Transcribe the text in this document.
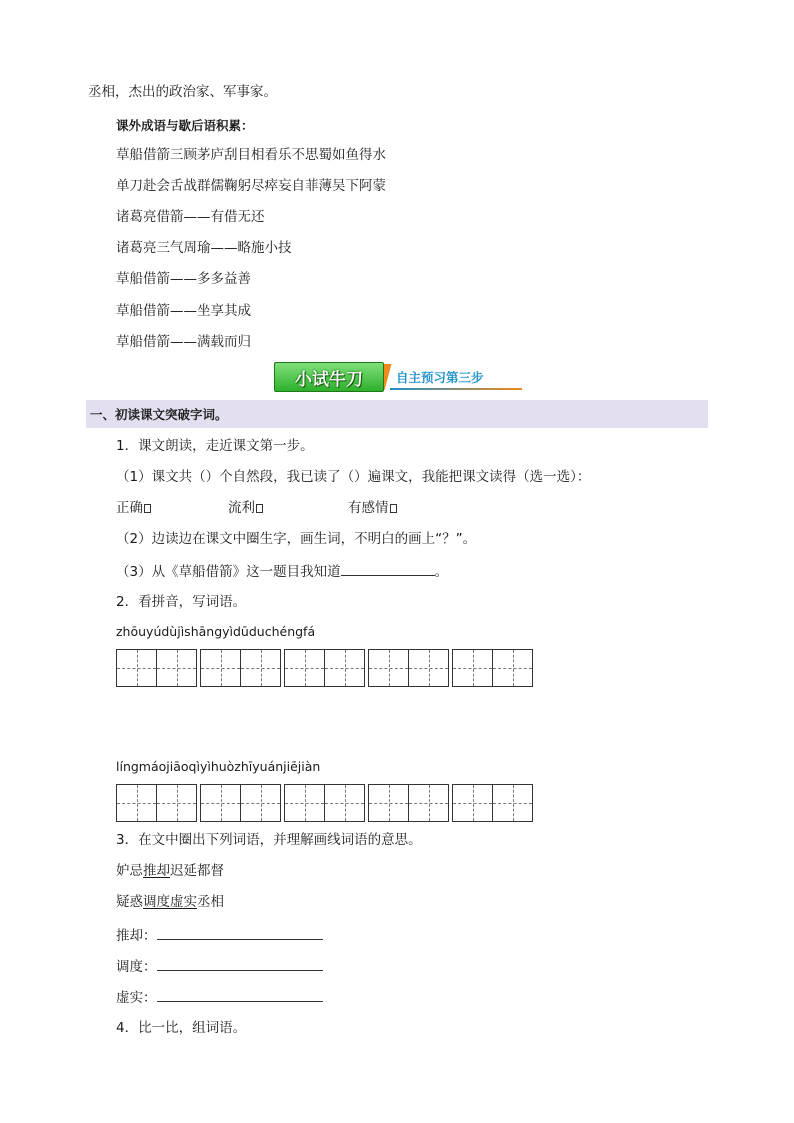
丞相，杰出的政治家、军事家。
课外成语与歇后语积累：
草船借箭三顾茅庐刮目相看乐不思蜀如鱼得水
单刀赴会舌战群儒鞠躬尽瘁妄自菲薄吴下阿蒙
诸葛亮借箭——有借无还
诸葛亮三气周瑜——略施小技
草船借箭——多多益善
草船借箭——坐享其成
草船借箭——满载而归
小试牛刀	自主预习第三步
一、初读课文突破字词。
1．课文朗读，走近课文第一步。
（1）课文共（）个自然段，我已读了（）遍课文，我能把课文读得（选一选）：
正确	流利	有感情
（2）边读边在课文中圈生字，画生词，不明白的画上“？”。
（3）从《草船借箭》这一题目我知道	。
2．看拼音，写词语。
zhōuyúdùjìshāngyìdūduchéngfá
língmáojiāoqìyìhuòzhīyuánjiējiàn
3．在文中圈出下列词语，并理解画线词语的意思。
妒忌推却迟延都督
疑惑调度虚实丞相
推却：
调度：
虚实：
4．比一比，组词语。
